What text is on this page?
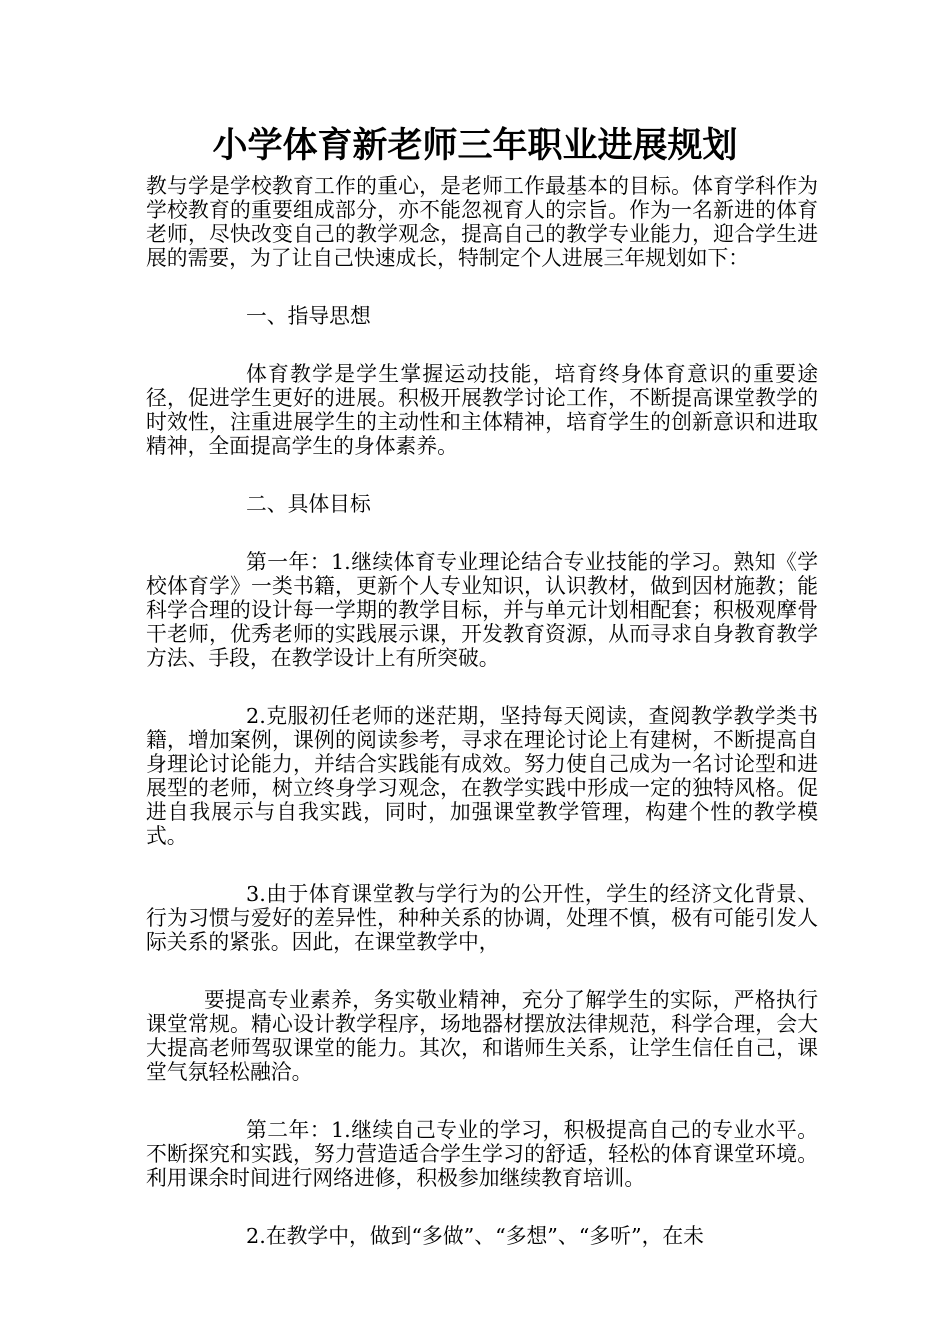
小学体育新老师三年职业进展规划

教与学是学校教育工作的重心，是老师工作最基本的目标。体育学科作为学校教育的重要组成部分，亦不能忽视育人的宗旨。作为一名新进的体育老师，尽快改变自己的教学观念，提高自己的教学专业能力，迎合学生进展的需要，为了让自己快速成长，特制定个人进展三年规划如下：

一、指导思想

体育教学是学生掌握运动技能，培育终身体育意识的重要途径，促进学生更好的进展。积极开展教学讨论工作，不断提高课堂教学的时效性，注重进展学生的主动性和主体精神，培育学生的创新意识和进取精神，全面提高学生的身体素养。

二、具体目标

第一年：1.继续体育专业理论结合专业技能的学习。熟知《学校体育学》一类书籍，更新个人专业知识，认识教材，做到因材施教；能科学合理的设计每一学期的教学目标，并与单元计划相配套；积极观摩骨干老师，优秀老师的实践展示课，开发教育资源，从而寻求自身教育教学方法、手段，在教学设计上有所突破。

2.克服初任老师的迷茫期，坚持每天阅读，查阅教学教学类书籍，增加案例，课例的阅读参考，寻求在理论讨论上有建树，不断提高自身理论讨论能力，并结合实践能有成效。努力使自己成为一名讨论型和进展型的老师，树立终身学习观念，在教学实践中形成一定的独特风格。促进自我展示与自我实践，同时，加强课堂教学管理，构建个性的教学模式。

3.由于体育课堂教与学行为的公开性，学生的经济文化背景、行为习惯与爱好的差异性，种种关系的协调，处理不慎，极有可能引发人际关系的紧张。因此，在课堂教学中，

要提高专业素养，务实敬业精神，充分了解学生的实际，严格执行课堂常规。精心设计教学程序，场地器材摆放法律规范，科学合理，会大大提高老师驾驭课堂的能力。其次，和谐师生关系，让学生信任自己，课堂气氛轻松融洽。

第二年：1.继续自己专业的学习，积极提高自己的专业水平。不断探究和实践，努力营造适合学生学习的舒适，轻松的体育课堂环境。利用课余时间进行网络进修，积极参加继续教育培训。

2.在教学中，做到“多做”、“多想”、“多听”，在未
